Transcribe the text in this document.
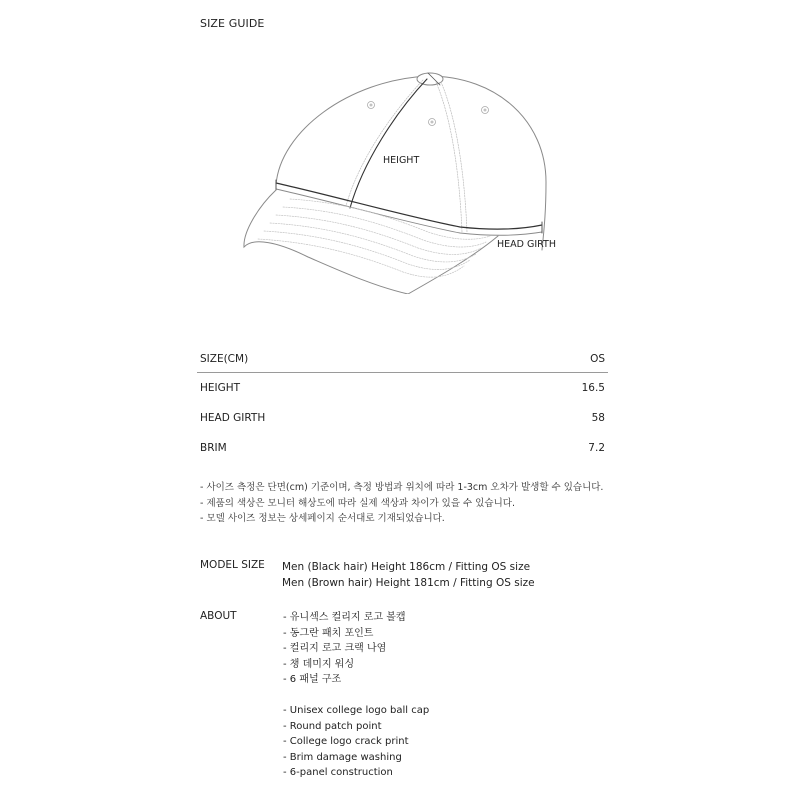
SIZE GUIDE
HEIGHT
HEAD GIRTH
SIZE(CM)	OS
HEIGHT	16.5
HEAD GIRTH	58
BRIM	7.2
- 사이즈 측정은 단면(cm) 기준이며, 측정 방법과 위치에 따라 1-3cm 오차가 발생할 수 있습니다.
- 제품의 색상은 모니터 해상도에 따라 실제 색상과 차이가 있을 수 있습니다.
- 모델 사이즈 정보는 상세페이지 순서대로 기재되었습니다.
MODEL SIZE Men (Black hair) Height 186cm / Fitting OS size
Men (Brown hair) Height 181cm / Fitting OS size
ABOUT	- 유니섹스 컬리지 로고 볼캡
- 동그란 패치 포인트
- 컬리지 로고 크랙 나염
- 챙 데미지 워싱
- 6 패널 구조
- Unisex college logo ball cap
- Round patch point
- College logo crack print
- Brim damage washing
- 6-panel construction
